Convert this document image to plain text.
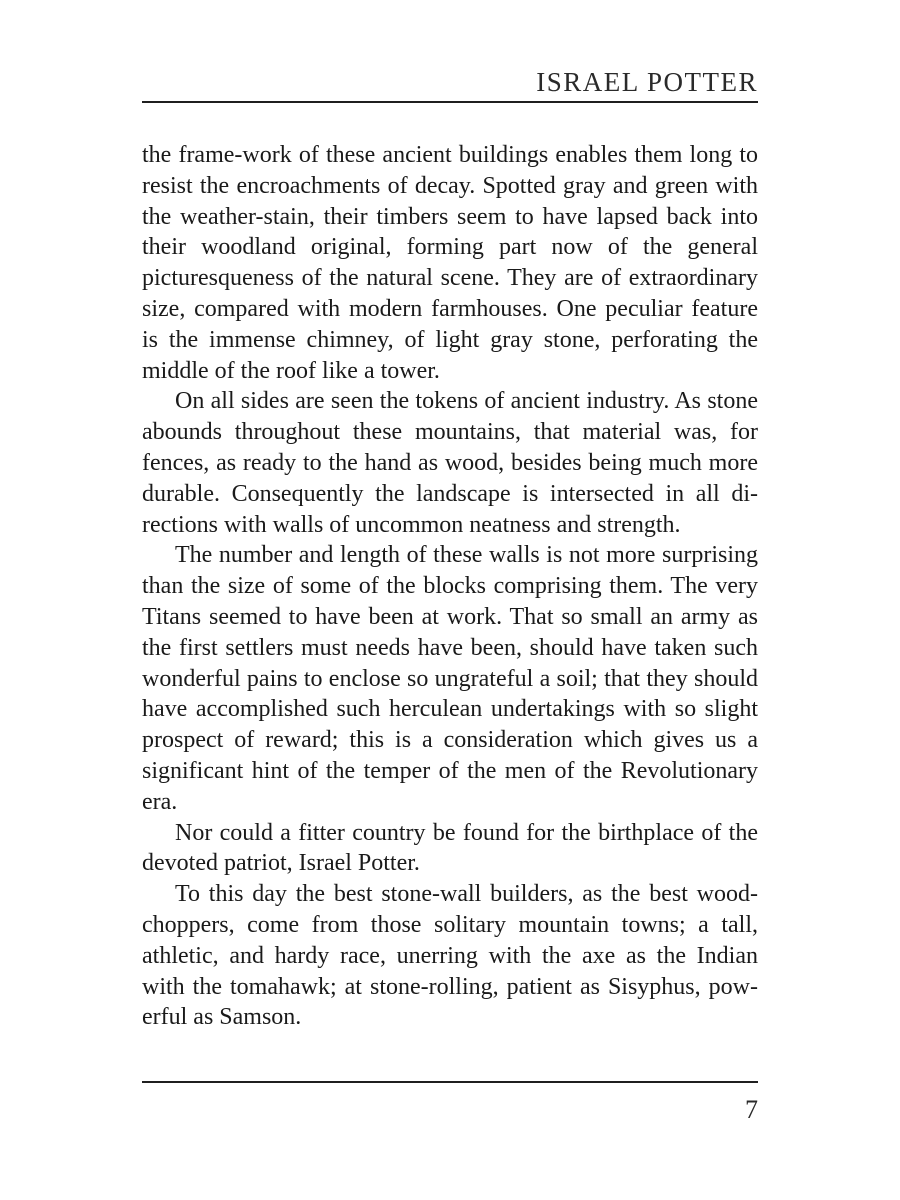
ISRAEL POTTER

the frame-work of these ancient buildings enables them long to resist the encroachments of decay. Spotted gray and green with the weather-stain, their timbers seem to have lapsed back into their woodland original, forming part now of the general picturesqueness of the natural scene. They are of extraordinary size, compared with modern farmhouses. One peculiar feature is the immense chimney, of light gray stone, perforating the middle of the roof like a tower.

On all sides are seen the tokens of ancient industry. As stone abounds throughout these mountains, that material was, for fences, as ready to the hand as wood, besides being much more durable. Consequently the landscape is intersected in all directions with walls of uncommon neatness and strength.

The number and length of these walls is not more surprising than the size of some of the blocks comprising them. The very Titans seemed to have been at work. That so small an army as the first settlers must needs have been, should have taken such wonderful pains to enclose so ungrateful a soil; that they should have accomplished such herculean undertakings with so slight prospect of reward; this is a consideration which gives us a significant hint of the temper of the men of the Revolutionary era.

Nor could a fitter country be found for the birthplace of the devoted patriot, Israel Potter.

To this day the best stone-wall builders, as the best wood-choppers, come from those solitary mountain towns; a tall, athletic, and hardy race, unerring with the axe as the Indian with the tomahawk; at stone-rolling, patient as Sisyphus, powerful as Samson.

7
